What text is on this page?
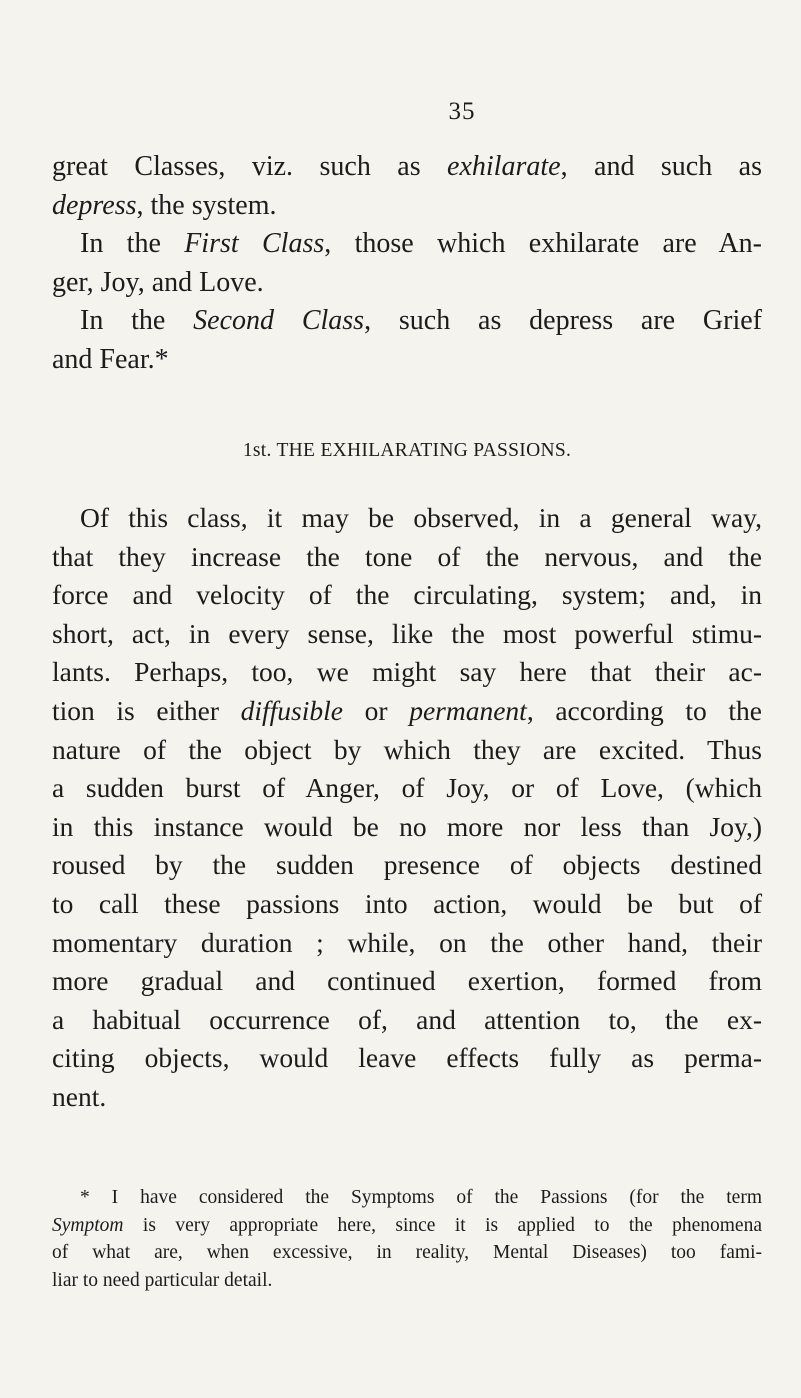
35
great Classes, viz. such as exhilarate, and such as
depress, the system.
In the First Class, those which exhilarate are An-
ger, Joy, and Love.
In the Second Class, such as depress are Grief
and Fear.*
1st. THE EXHILARATING PASSIONS.
Of this class, it may be observed, in a general way,
that they increase the tone of the nervous, and the
force and velocity of the circulating, system; and, in
short, act, in every sense, like the most powerful stimu-
lants. Perhaps, too, we might say here that their ac-
tion is either diffusible or permanent, according to the
nature of the object by which they are excited. Thus
a sudden burst of Anger, of Joy, or of Love, (which
in this instance would be no more nor less than Joy,)
roused by the sudden presence of objects destined
to call these passions into action, would be but of
momentary duration ; while, on the other hand, their
more gradual and continued exertion, formed from
a habitual occurrence of, and attention to, the ex-
citing objects, would leave effects fully as perma-
nent.
* I have considered the Symptoms of the Passions (for the term
Symptom is very appropriate here, since it is applied to the phenomena
of what are, when excessive, in reality, Mental Diseases) too fami-
liar to need particular detail.
